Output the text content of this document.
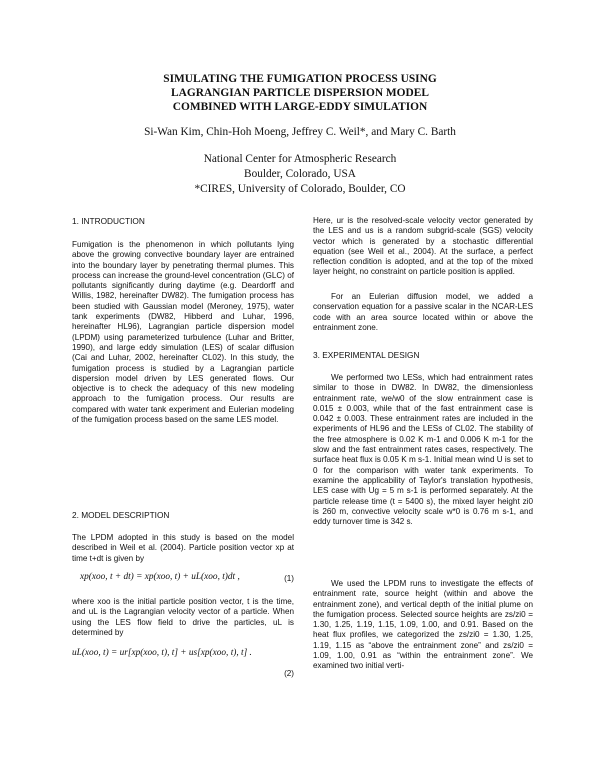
SIMULATING THE FUMIGATION PROCESS USING
LAGRANGIAN PARTICLE DISPERSION MODEL
COMBINED WITH LARGE-EDDY SIMULATION
Si-Wan Kim, Chin-Hoh Moeng, Jeffrey C. Weil*, and Mary C. Barth
National Center for Atmospheric Research
Boulder, Colorado, USA
*CIRES, University of Colorado, Boulder, CO
1. INTRODUCTION

Fumigation is the phenomenon in which pollutants lying above the growing convective boundary layer are entrained into the boundary layer by penetrating thermal plumes. This process can increase the ground-level concentration (GLC) of pollutants significantly during daytime (e.g. Deardorff and Willis, 1982, hereinafter DW82). The fumigation process has been studied with Gaussian model (Meroney, 1975), water tank experiments (DW82, Hibberd and Luhar, 1996, hereinafter HL96), Lagrangian particle dispersion model (LPDM) using parameterized turbulence (Luhar and Britter, 1990), and large eddy simulation (LES) of scalar diffusion (Cai and Luhar, 2002, hereinafter CL02). In this study, the fumigation process is studied by a Lagrangian particle dispersion model driven by LES generated flows. Our objective is to check the adequacy of this new modeling approach to the fumigation process. Our results are compared with water tank experiment and Eulerian modeling of the fumigation process based on the same LES model.

2. MODEL DESCRIPTION

The LPDM adopted in this study is based on the model described in Weil et al. (2004). Particle position vector xp at time t+dt is given by

xp(xoo, t + dt) = xp(xoo, t) + uL(xoo, t)dt ,	(1)

where xoo is the initial particle position vector, t is the time, and uL is the Lagrangian velocity vector of a particle. When using the LES flow field to drive the particles, uL is determined by

uL(xoo, t) = ur[xp(xoo, t), t] + us[xp(xoo, t), t] .
(2)

Here, ur is the resolved-scale velocity vector generated by the LES and us is a random subgrid-scale (SGS) velocity vector which is generated by a stochastic differential equation (see Weil et al., 2004). At the surface, a perfect reflection condition is adopted, and at the top of the mixed layer height, no constraint on particle position is applied.

For an Eulerian diffusion model, we added a conservation equation for a passive scalar in the NCAR-LES code with an area source located within or above the entrainment zone.

3. EXPERIMENTAL DESIGN

We performed two LESs, which had entrainment rates similar to those in DW82. In DW82, the dimensionless entrainment rate, we/w0 of the slow entrainment case is 0.015 ± 0.003, while that of the fast entrainment case is 0.042 ± 0.003. These entrainment rates are included in the experiments of HL96 and the LESs of CL02. The stability of the free atmosphere is 0.02 K m-1 and 0.006 K m-1 for the slow and the fast entrainment rates cases, respectively. The surface heat flux is 0.05 K m s-1. Initial mean wind U is set to 0 for the comparison with water tank experiments. To examine the applicability of Taylor's translation hypothesis, LES case with Ug = 5 m s-1 is performed separately. At the particle release time (t = 5400 s), the mixed layer height zi0 is 260 m, convective velocity scale w*0 is 0.76 m s-1, and eddy turnover time is 342 s.

We used the LPDM runs to investigate the effects of entrainment rate, source height (within and above the entrainment zone), and vertical depth of the initial plume on the fumigation process. Selected source heights are zs/zi0 = 1.30, 1.25, 1.19, 1.15, 1.09, 1.00, and 0.91. Based on the heat flux profiles, we categorized the zs/zi0 = 1.30, 1.25, 1.19, 1.15 as “above the entrainment zone” and zs/zi0 = 1.09, 1.00, 0.91 as “within the entrainment zone”. We examined two initial verti-
